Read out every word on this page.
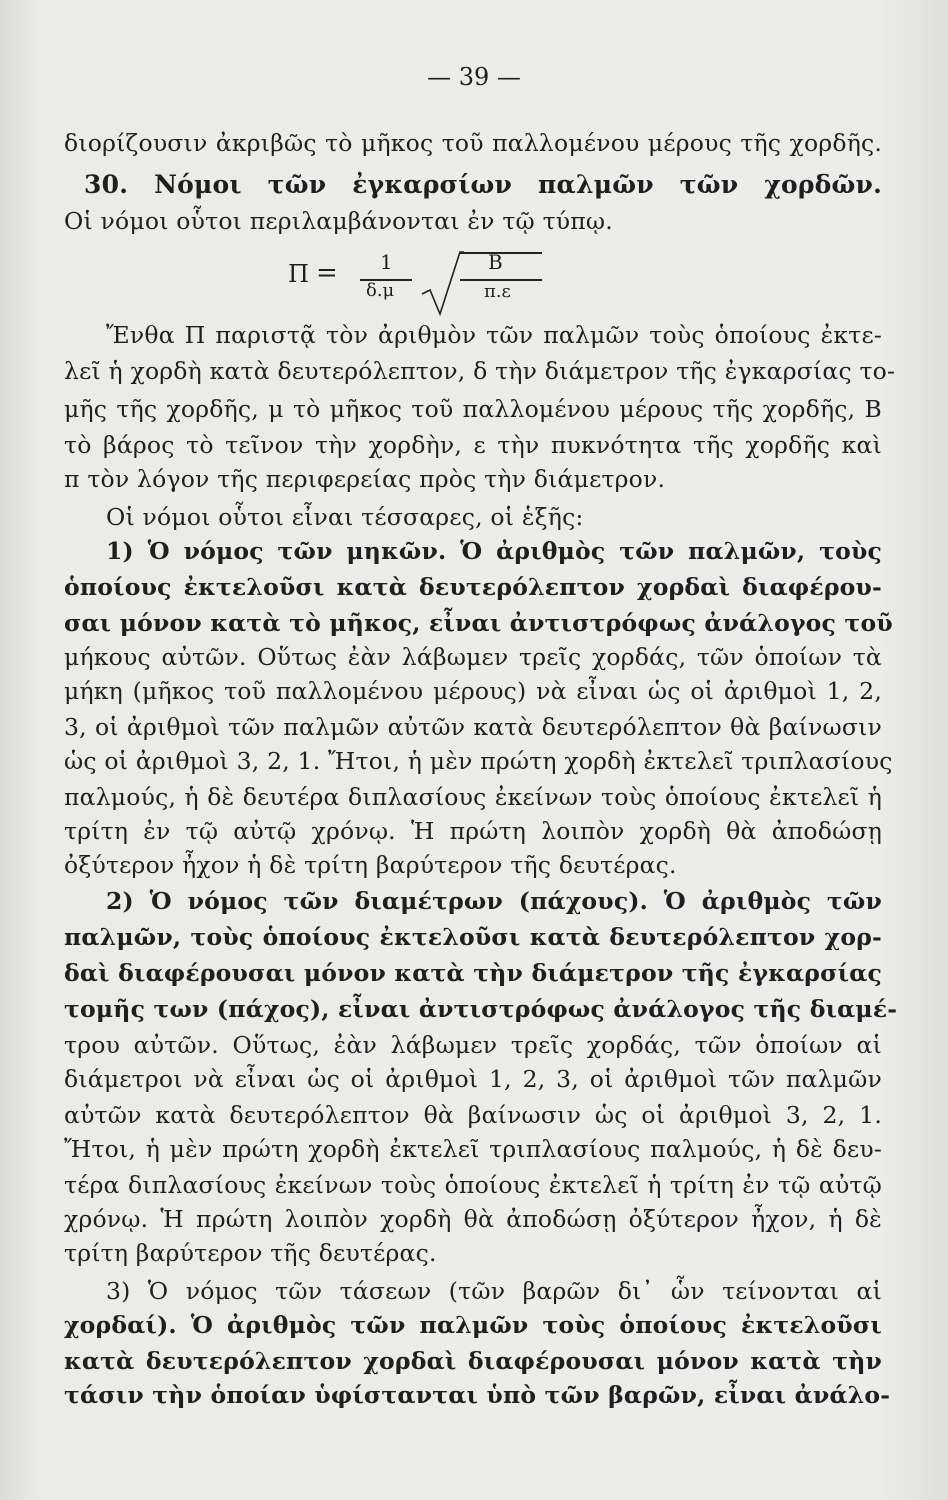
— 39 —
διορίζουσιν ἀκριβῶς τὸ μῆκος τοῦ παλλομένου μέρους τῆς χορδῆς.
30. Νόμοι τῶν ἐγκαρσίων παλμῶν τῶν χορδῶν.
Οἱ νόμοι οὗτοι περιλαμβάνονται ἐν τῷ τύπῳ.
Π = 1
δ.μ
B
π.ε
Ἔνθα Π παριστᾷ τὸν ἀριθμὸν τῶν παλμῶν τοὺς ὁποίους ἐκτε-
λεῖ ἡ χορδὴ κατὰ δευτερόλεπτον, δ τὴν διάμετρον τῆς ἐγκαρσίας το-
μῆς τῆς χορδῆς, μ τὸ μῆκος τοῦ παλλομένου μέρους τῆς χορδῆς, Β
τὸ βάρος τὸ τεῖνον τὴν χορδὴν, ε τὴν πυκνότητα τῆς χορδῆς καὶ
π τὸν λόγον τῆς περιφερείας πρὸς τὴν διάμετρον.
Οἱ νόμοι οὗτοι εἶναι τέσσαρες, οἱ ἑξῆς:
1) Ὁ νόμος τῶν μηκῶν. Ὁ ἀριθμὸς τῶν παλμῶν, τοὺς
ὁποίους ἐκτελοῦσι κατὰ δευτερόλεπτον χορδαὶ διαφέρου-
σαι μόνον κατὰ τὸ μῆκος, εἶναι ἀντιστρόφως ἀνάλογος τοῦ
μήκους αὐτῶν. Οὕτως ἐὰν λάβωμεν τρεῖς χορδάς, τῶν ὁποίων τὰ
μήκη (μῆκος τοῦ παλλομένου μέρους) νὰ εἶναι ὡς οἱ ἀριθμοὶ 1, 2,
3, οἱ ἀριθμοὶ τῶν παλμῶν αὐτῶν κατὰ δευτερόλεπτον θὰ βαίνωσιν
ὡς οἱ ἀριθμοὶ 3, 2, 1. Ἤτοι, ἡ μὲν πρώτη χορδὴ ἐκτελεῖ τριπλασίους
παλμούς, ἡ δὲ δευτέρα διπλασίους ἐκείνων τοὺς ὁποίους ἐκτελεῖ ἡ
τρίτη ἐν τῷ αὐτῷ χρόνῳ. Ἡ πρώτη λοιπὸν χορδὴ θὰ ἀποδώσῃ
ὀξύτερον ἦχον ἡ δὲ τρίτη βαρύτερον τῆς δευτέρας.
2) Ὁ νόμος τῶν διαμέτρων (πάχους). Ὁ ἀριθμὸς τῶν
παλμῶν, τοὺς ὁποίους ἐκτελοῦσι κατὰ δευτερόλεπτον χορ-
δαὶ διαφέρουσαι μόνον κατὰ τὴν διάμετρον τῆς ἐγκαρσίας
τομῆς των (πάχος), εἶναι ἀντιστρόφως ἀνάλογος τῆς διαμέ-
τρου αὐτῶν. Οὕτως, ἐὰν λάβωμεν τρεῖς χορδάς, τῶν ὁποίων αἱ
διάμετροι νὰ εἶναι ὡς οἱ ἀριθμοὶ 1, 2, 3, οἱ ἀριθμοὶ τῶν παλμῶν
αὐτῶν κατὰ δευτερόλεπτον θὰ βαίνωσιν ὡς οἱ ἀριθμοὶ 3, 2, 1.
Ἤτοι, ἡ μὲν πρώτη χορδὴ ἐκτελεῖ τριπλασίους παλμούς, ἡ δὲ δευ-
τέρα διπλασίους ἐκείνων τοὺς ὁποίους ἐκτελεῖ ἡ τρίτη ἐν τῷ αὐτῷ
χρόνῳ. Ἡ πρώτη λοιπὸν χορδὴ θὰ ἀποδώσῃ ὀξύτερον ἦχον, ἡ δὲ
τρίτη βαρύτερον τῆς δευτέρας.
3) Ὁ νόμος τῶν τάσεων (τῶν βαρῶν δι᾽ ὧν τείνονται αἱ
χορδαί). Ὁ ἀριθμὸς τῶν παλμῶν τοὺς ὁποίους ἐκτελοῦσι
κατὰ δευτερόλεπτον χορδαὶ διαφέρουσαι μόνον κατὰ τὴν
τάσιν τὴν ὁποίαν ὑφίστανται ὑπὸ τῶν βαρῶν, εἶναι ἀνάλο-
